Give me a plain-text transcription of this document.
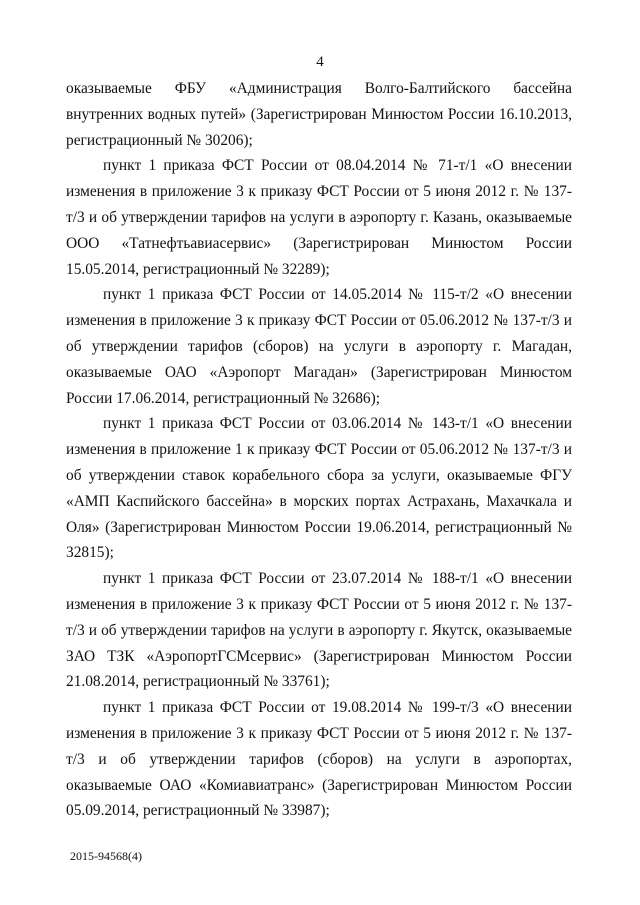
4

оказываемые ФБУ «Администрация Волго-Балтийского бассейна внутренних водных путей» (Зарегистрирован Минюстом России 16.10.2013, регистрационный № 30206);

пункт 1 приказа ФСТ России от 08.04.2014 № 71-т/1 «О внесении изменения в приложение 3 к приказу ФСТ России от 5 июня 2012 г. № 137-т/3 и об утверждении тарифов на услуги в аэропорту г. Казань, оказываемые ООО «Татнефтьавиасервис» (Зарегистрирован Минюстом России 15.05.2014, регистрационный № 32289);

пункт 1 приказа ФСТ России от 14.05.2014 № 115-т/2 «О внесении изменения в приложение 3 к приказу ФСТ России от 05.06.2012 № 137-т/3 и об утверждении тарифов (сборов) на услуги в аэропорту г. Магадан, оказываемые ОАО «Аэропорт Магадан» (Зарегистрирован Минюстом России 17.06.2014, регистрационный № 32686);

пункт 1 приказа ФСТ России от 03.06.2014 № 143-т/1 «О внесении изменения в приложение 1 к приказу ФСТ России от 05.06.2012 № 137-т/3 и об утверждении ставок корабельного сбора за услуги, оказываемые ФГУ «АМП Каспийского бассейна» в морских портах Астрахань, Махачкала и Оля» (Зарегистрирован Минюстом России 19.06.2014, регистрационный № 32815);

пункт 1 приказа ФСТ России от 23.07.2014 № 188-т/1 «О внесении изменения в приложение 3 к приказу ФСТ России от 5 июня 2012 г. № 137-т/3 и об утверждении тарифов на услуги в аэропорту г. Якутск, оказываемые ЗАО ТЗК «АэропортГСМсервис» (Зарегистрирован Минюстом России 21.08.2014, регистрационный № 33761);

пункт 1 приказа ФСТ России от 19.08.2014 № 199-т/3 «О внесении изменения в приложение 3 к приказу ФСТ России от 5 июня 2012 г. № 137-т/3 и об утверждении тарифов (сборов) на услуги в аэропортах, оказываемые ОАО «Комиавиатранс» (Зарегистрирован Минюстом России 05.09.2014, регистрационный № 33987);

2015-94568(4)
